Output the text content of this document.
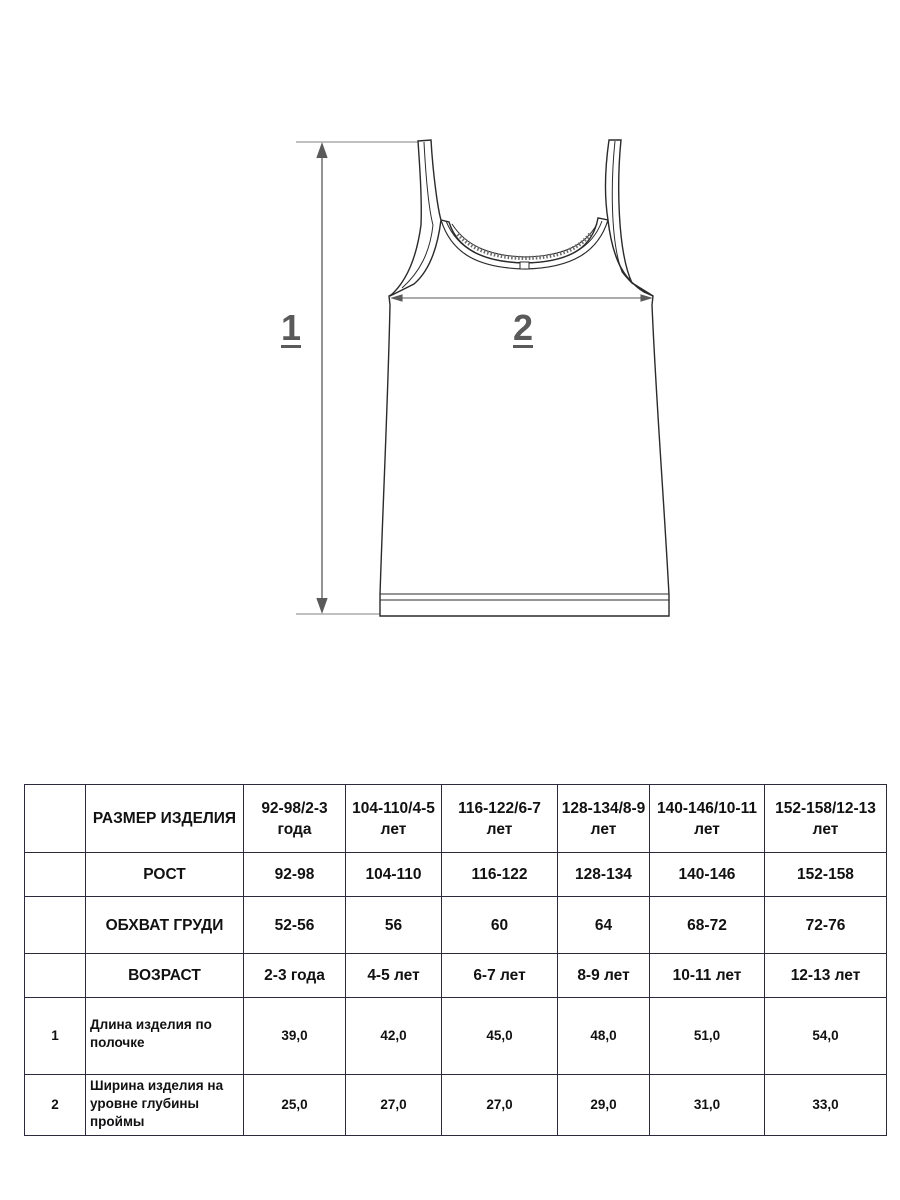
1	2
	РАЗМЕР ИЗДЕЛИЯ	92-98/2-3 года	104-110/4-5 лет	116-122/6-7 лет	128-134/8-9 лет	140-146/10-11 лет	152-158/12-13 лет
	РОСТ	92-98	104-110	116-122	128-134	140-146	152-158
	ОБХВАТ ГРУДИ	52-56	56	60	64	68-72	72-76
	ВОЗРАСТ	2-3 года	4-5 лет	6-7 лет	8-9 лет	10-11 лет	12-13 лет
1	Длина изделия по полочке	39,0	42,0	45,0	48,0	51,0	54,0
2	Ширина изделия на уровне глубины проймы	25,0	27,0	27,0	29,0	31,0	33,0
